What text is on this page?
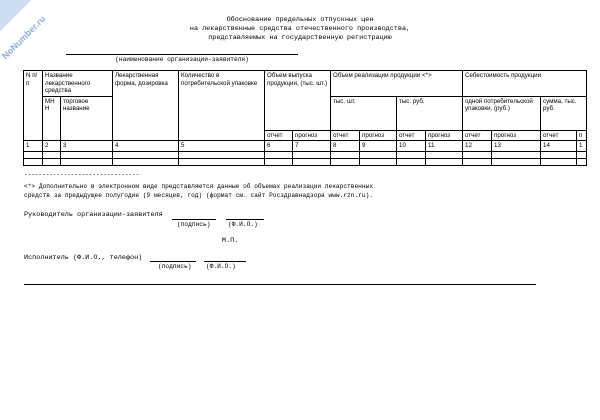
NoNumber.ru	Обоснование предельных отпускных цен
на лекарственные средства отечественного производства,
представляемых на государственную регистрацию
(наименование организации-заявителя)
N п/п	Название лекарственного средства		Лекарственная форма, дозировка	Количество в потребительской упаковке	Объем выпуска продукции, (тыс. шт.)		Объем реализации продукции <*>				Себестоимость продукции			
	МН Н	торговое название					тыс. шт.		тыс. руб.		одной потребительской упаковки, (руб.)		сумма, тыс. руб.	

					отчет	прогноз	отчет	прогноз	отчет	прогноз	отчет	прогноз	отчет	п
1	2	3	4	5	6	7	8	9	10	11	12	13	14	1

--------------------------------
<*> Дополнительно в электронном виде представляются данные об объемах реализации лекарственных средств за предыдущее полугодие (9 месяцев, год) (формат см. сайт Росздравнадзора www.rzn.ru).
Руководитель организации-заявителя
(подпись)	(Ф.И.О.)
М.П.
Исполнитель (Ф.И.О., телефон)
(подпись) (Ф.И.О.)
